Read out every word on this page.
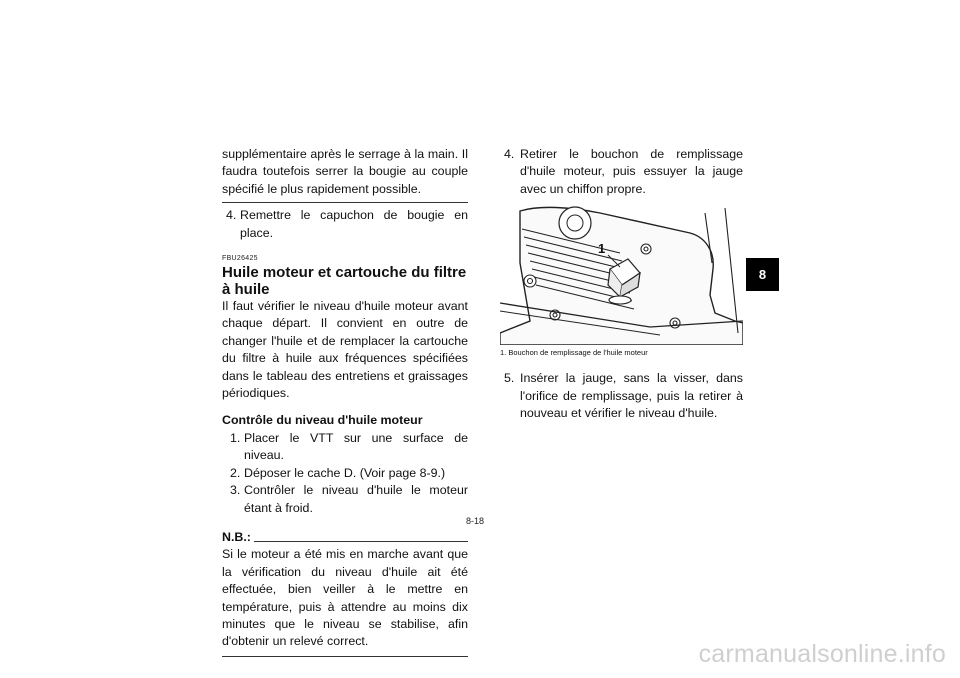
supplémentaire après le serrage à la main. Il faudra toutefois serrer la bougie au couple spécifié le plus rapidement possible.

4. Remettre le capuchon de bougie en place.
FBU26425
Huile moteur et cartouche du filtre à huile

Il faut vérifier le niveau d'huile moteur avant chaque départ. Il convient en outre de changer l'huile et de remplacer la cartouche du filtre à huile aux fréquences spécifiées dans le tableau des entretiens et graissages périodiques.

Contrôle du niveau d'huile moteur
1. Placer le VTT sur une surface de niveau.
2. Déposer le cache D. (Voir page 8-9.)
3. Contrôler le niveau d'huile le moteur étant à froid.
N.B.:

Si le moteur a été mis en marche avant que la vérification du niveau d'huile ait été effectuée, bien veiller à le mettre en température, puis à attendre au moins dix minutes que le niveau se stabilise, afin d'obtenir un relevé correct.

4. Retirer le bouchon de remplissage d'huile moteur, puis essuyer la jauge avec un chiffon propre.
1
1. Bouchon de remplissage de l'huile moteur
5. Insérer la jauge, sans la visser, dans l'orifice de remplissage, puis la retirer à nouveau et vérifier le niveau d'huile.
8
8-18
carmanualsonline.info
